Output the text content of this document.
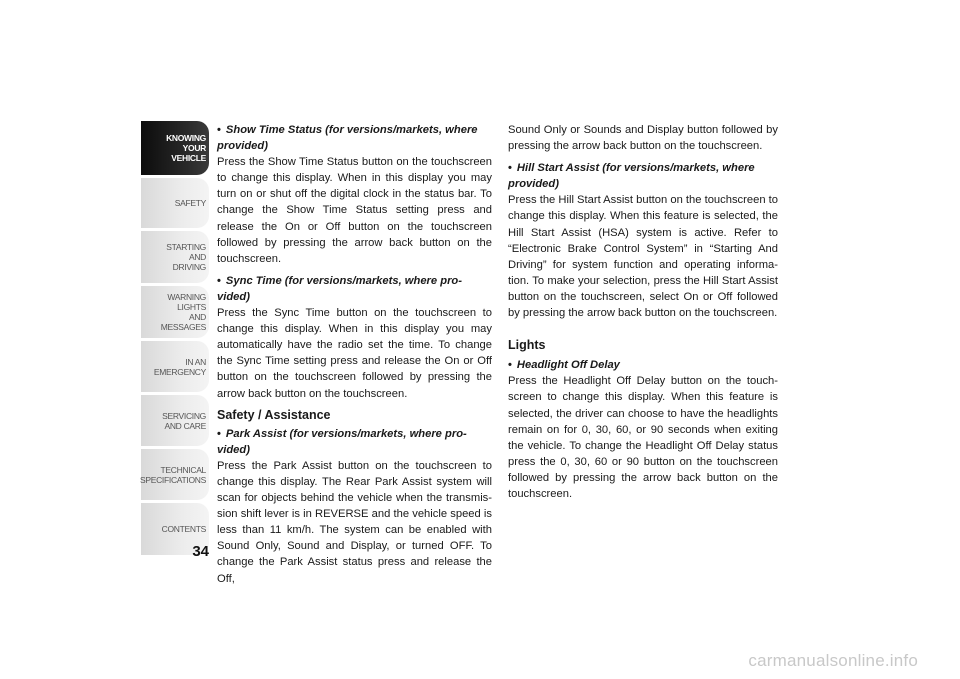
KNOWING
YOUR
VEHICLE
SAFETY
STARTING
AND
DRIVING
WARNING
LIGHTS
AND
MESSAGES
IN AN
EMERGENCY
SERVICING
AND CARE
TECHNICAL
SPECIFICATIONS
CONTENTS
34

• Show Time Status (for versions/markets, where provided)

Press the Show Time Status button on the touchscreen to change this display. When in this display you may turn on or shut off the digital clock in the status bar. To change the Show Time Status setting press and release the On or Off button on the touchscreen followed by pressing the arrow back button on the touchscreen.

• Sync Time (for versions/markets, where pro-vided)

Press the Sync Time button on the touchscreen to change this display. When in this display you may automatically have the radio set the time. To change the Sync Time setting press and release the On or Off button on the touchscreen followed by pressing the arrow back button on the touchscreen.

Safety / Assistance

• Park Assist (for versions/markets, where pro-vided)

Press the Park Assist button on the touchscreen to change this display. The Rear Park Assist system will scan for objects behind the vehicle when the transmis-sion shift lever is in REVERSE and the vehicle speed is less than 11 km/h. The system can be enabled with Sound Only, Sound and Display, or turned OFF. To change the Park Assist status press and release the Off,

Sound Only or Sounds and Display button followed by pressing the arrow back button on the touchscreen.

• Hill Start Assist (for versions/markets, where provided)

Press the Hill Start Assist button on the touchscreen to change this display. When this feature is selected, the Hill Start Assist (HSA) system is active. Refer to “Electronic Brake Control System” in “Starting And Driving” for system function and operating informa-tion. To make your selection, press the Hill Start Assist button on the touchscreen, select On or Off followed by pressing the arrow back button on the touchscreen.

Lights

• Headlight Off Delay

Press the Headlight Off Delay button on the touch-screen to change this display. When this feature is selected, the driver can choose to have the headlights remain on for 0, 30, 60, or 90 seconds when exiting the vehicle. To change the Headlight Off Delay status press the 0, 30, 60 or 90 button on the touchscreen followed by pressing the arrow back button on the touchscreen.

carmanualsonline.info
